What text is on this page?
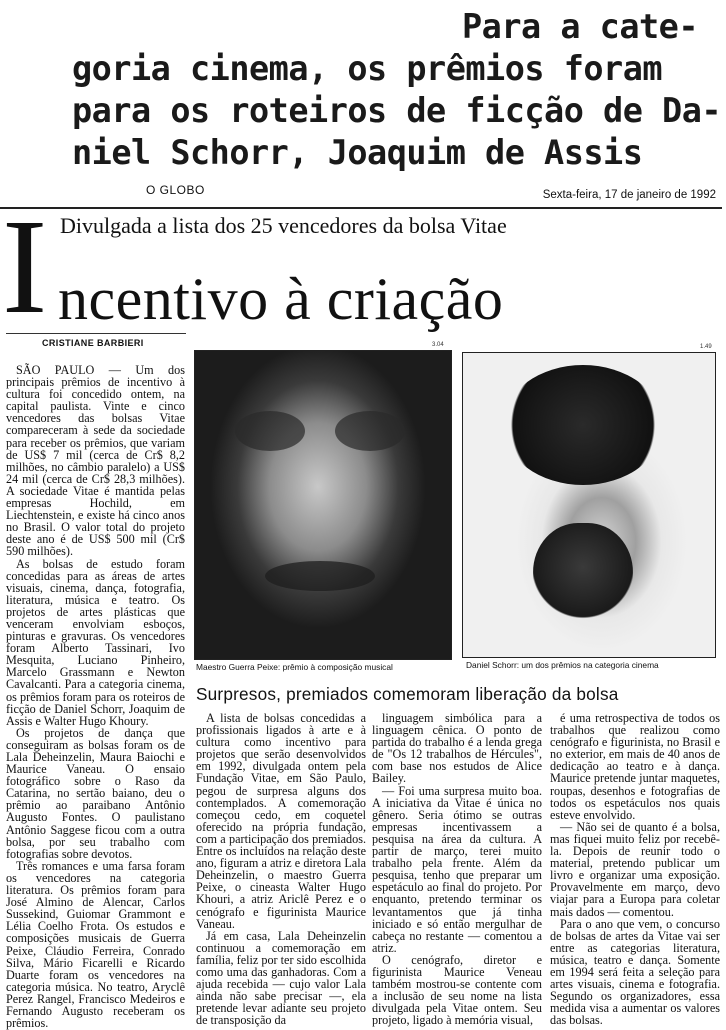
Para a cate-
goria cinema, os prêmios foram
para os roteiros de ficção de Da-
niel Schorr, Joaquim de Assis
O GLOBO	Sexta-feira, 17 de janeiro de 1992
I Divulgada a lista dos 25 vencedores da bolsa Vitae
ncentivo à criação
CRISTIANE BARBIERI

SÃO PAULO — Um dos principais prêmios de incentivo à cultura foi concedido ontem, na capital paulista. Vinte e cinco vencedores das bolsas Vitae compareceram à sede da sociedade para receber os prêmios, que variam de US$ 7 mil (cerca de Cr$ 8,2 milhões, no câmbio paralelo) a US$ 24 mil (cerca de Cr$ 28,3 milhões). A sociedade Vitae é mantida pelas empresas Hochild, em Liechtenstein, e existe há cinco anos no Brasil. O valor total do projeto deste ano é de US$ 500 mil (Cr$ 590 milhões).

As bolsas de estudo foram concedidas para as áreas de artes visuais, cinema, dança, fotografia, literatura, música e teatro. Os projetos de artes plásticas que venceram envolviam esboços, pinturas e gravuras. Os vencedores foram Alberto Tassinari, Ivo Mesquita, Luciano Pinheiro, Marcelo Grassmann e Newton Cavalcanti. Para a categoria cinema, os prêmios foram para os roteiros de ficção de Daniel Schorr, Joaquim de Assis e Walter Hugo Khoury.

Os projetos de dança que conseguiram as bolsas foram os de Lala Deheinzelin, Maura Baiochi e Maurice Vaneau. O ensaio fotográfico sobre o Raso da Catarina, no sertão baiano, deu o prêmio ao paraibano Antônio Augusto Fontes. O paulistano Antônio Saggese ficou com a outra bolsa, por seu trabalho com fotografias sobre devotos.

Três romances e uma farsa foram os vencedores na categoria literatura. Os prêmios foram para José Almino de Alencar, Carlos Sussekind, Guiomar Grammont e Lélia Coelho Frota. Os estudos e composições musicais de Guerra Peixe, Cláudio Ferreira, Conrado Silva, Mário Ficarelli e Ricardo Duarte foram os vencedores na categoria música. No teatro, Aryclê Perez Rangel, Francisco Medeiros e Fernando Augusto receberam os prêmios.

3.04
Maestro Guerra Peixe: prêmio à composição musical
1.49
Daniel Schorr: um dos prêmios na categoria cinema
Surpresos, premiados comemoram liberação da bolsa

A lista de bolsas concedidas a profissionais ligados à arte e à cultura como incentivo para projetos que serão desenvolvidos em 1992, divulgada ontem pela Fundação Vitae, em São Paulo, pegou de surpresa alguns dos contemplados. A comemoração começou cedo, em coquetel oferecido na própria fundação, com a participação dos premiados. Entre os incluídos na relação deste ano, figuram a atriz e diretora Lala Deheinzelin, o maestro Guerra Peixe, o cineasta Walter Hugo Khouri, a atriz Ariclê Perez e o cenógrafo e figurinista Maurice Vaneau.

Já em casa, Lala Deheinzelin continuou a comemoração em família, feliz por ter sido escolhida como uma das ganhadoras. Com a ajuda recebida — cujo valor Lala ainda não sabe precisar —, ela pretende levar adiante seu projeto de transposição da

linguagem simbólica para a linguagem cênica. O ponto de partida do trabalho é a lenda grega de "Os 12 trabalhos de Hércules", com base nos estudos de Alice Bailey.

— Foi uma surpresa muito boa. A iniciativa da Vitae é única no gênero. Seria ótimo se outras empresas incentivassem a pesquisa na área da cultura. A partir de março, terei muito trabalho pela frente. Além da pesquisa, tenho que preparar um espetáculo ao final do projeto. Por enquanto, pretendo terminar os levantamentos que já tinha iniciado e só então mergulhar de cabeça no restante — comentou a atriz.

O cenógrafo, diretor e figurinista Maurice Veneau também mostrou-se contente com a inclusão de seu nome na lista divulgada pela Vitae ontem. Seu projeto, ligado à memória visual,

é uma retrospectiva de todos os trabalhos que realizou como cenógrafo e figurinista, no Brasil e no exterior, em mais de 40 anos de dedicação ao teatro e à dança. Maurice pretende juntar maquetes, roupas, desenhos e fotografias de todos os espetáculos nos quais esteve envolvido.

— Não sei de quanto é a bolsa, mas fiquei muito feliz por recebê-la. Depois de reunir todo o material, pretendo publicar um livro e organizar uma exposição. Provavelmente em março, devo viajar para a Europa para coletar mais dados — comentou.

Para o ano que vem, o concurso de bolsas de artes da Vitae vai ser entre as categorias literatura, música, teatro e dança. Somente em 1994 será feita a seleção para artes visuais, cinema e fotografia. Segundo os organizadores, essa medida visa a aumentar os valores das bolsas.
